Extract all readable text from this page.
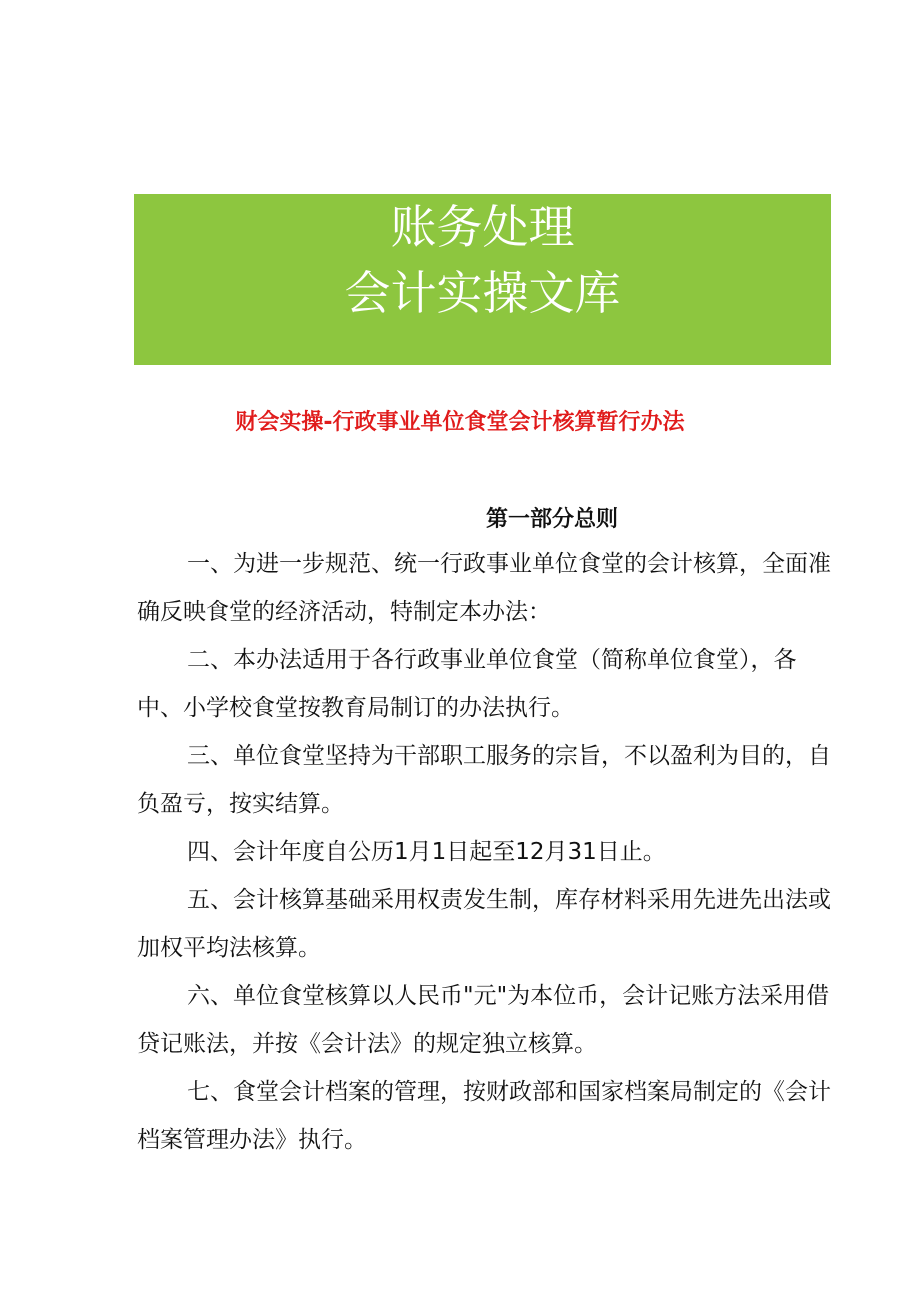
账务处理
会计实操文库
财会实操-行政事业单位食堂会计核算暂行办法
第一部分总则

一、为进一步规范、统一行政事业单位食堂的会计核算，全面准确反映食堂的经济活动，特制定本办法：

二、本办法适用于各行政事业单位食堂（简称单位食堂），各中、小学校食堂按教育局制订的办法执行。

三、单位食堂坚持为干部职工服务的宗旨，不以盈利为目的，自负盈亏，按实结算。

四、会计年度自公历1月1日起至12月31日止。

五、会计核算基础采用权责发生制，库存材料采用先进先出法或加权平均法核算。

六、单位食堂核算以人民币"元"为本位币，会计记账方法采用借贷记账法，并按《会计法》的规定独立核算。

七、食堂会计档案的管理，按财政部和国家档案局制定的《会计档案管理办法》执行。
